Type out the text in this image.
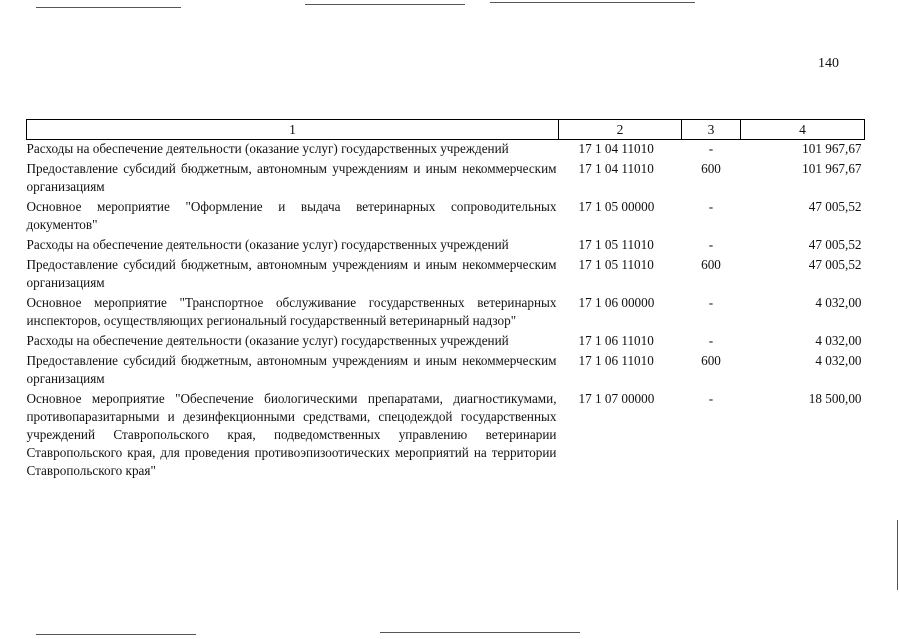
140
1	2	3	4
Расходы на обеспечение деятельности (оказание услуг) государственных учреждений	17 1 04 11010	-	101 967,67
Предоставление субсидий бюджетным, автономным учреждениям и иным некоммерческим организациям	17 1 04 11010	600	101 967,67
Основное мероприятие "Оформление и выдача ветеринарных сопроводительных документов"	17 1 05 00000	-	47 005,52
Расходы на обеспечение деятельности (оказание услуг) государственных учреждений	17 1 05 11010	-	47 005,52
Предоставление субсидий бюджетным, автономным учреждениям и иным некоммерческим организациям	17 1 05 11010	600	47 005,52
Основное мероприятие "Транспортное обслуживание государственных ветеринарных инспекторов, осуществляющих региональный государственный ветеринарный надзор"	17 1 06 00000	-	4 032,00
Расходы на обеспечение деятельности (оказание услуг) государственных учреждений	17 1 06 11010	-	4 032,00
Предоставление субсидий бюджетным, автономным учреждениям и иным некоммерческим организациям	17 1 06 11010	600	4 032,00
Основное мероприятие "Обеспечение биологическими препаратами, диагностикумами, противопаразитарными и дезинфекционными средствами, спецодеждой государственных учреждений Ставропольского края, подведомственных управлению ветеринарии Ставропольского края, для проведения противоэпизоотических мероприятий на территории Ставропольского края"	17 1 07 00000	-	18 500,00
